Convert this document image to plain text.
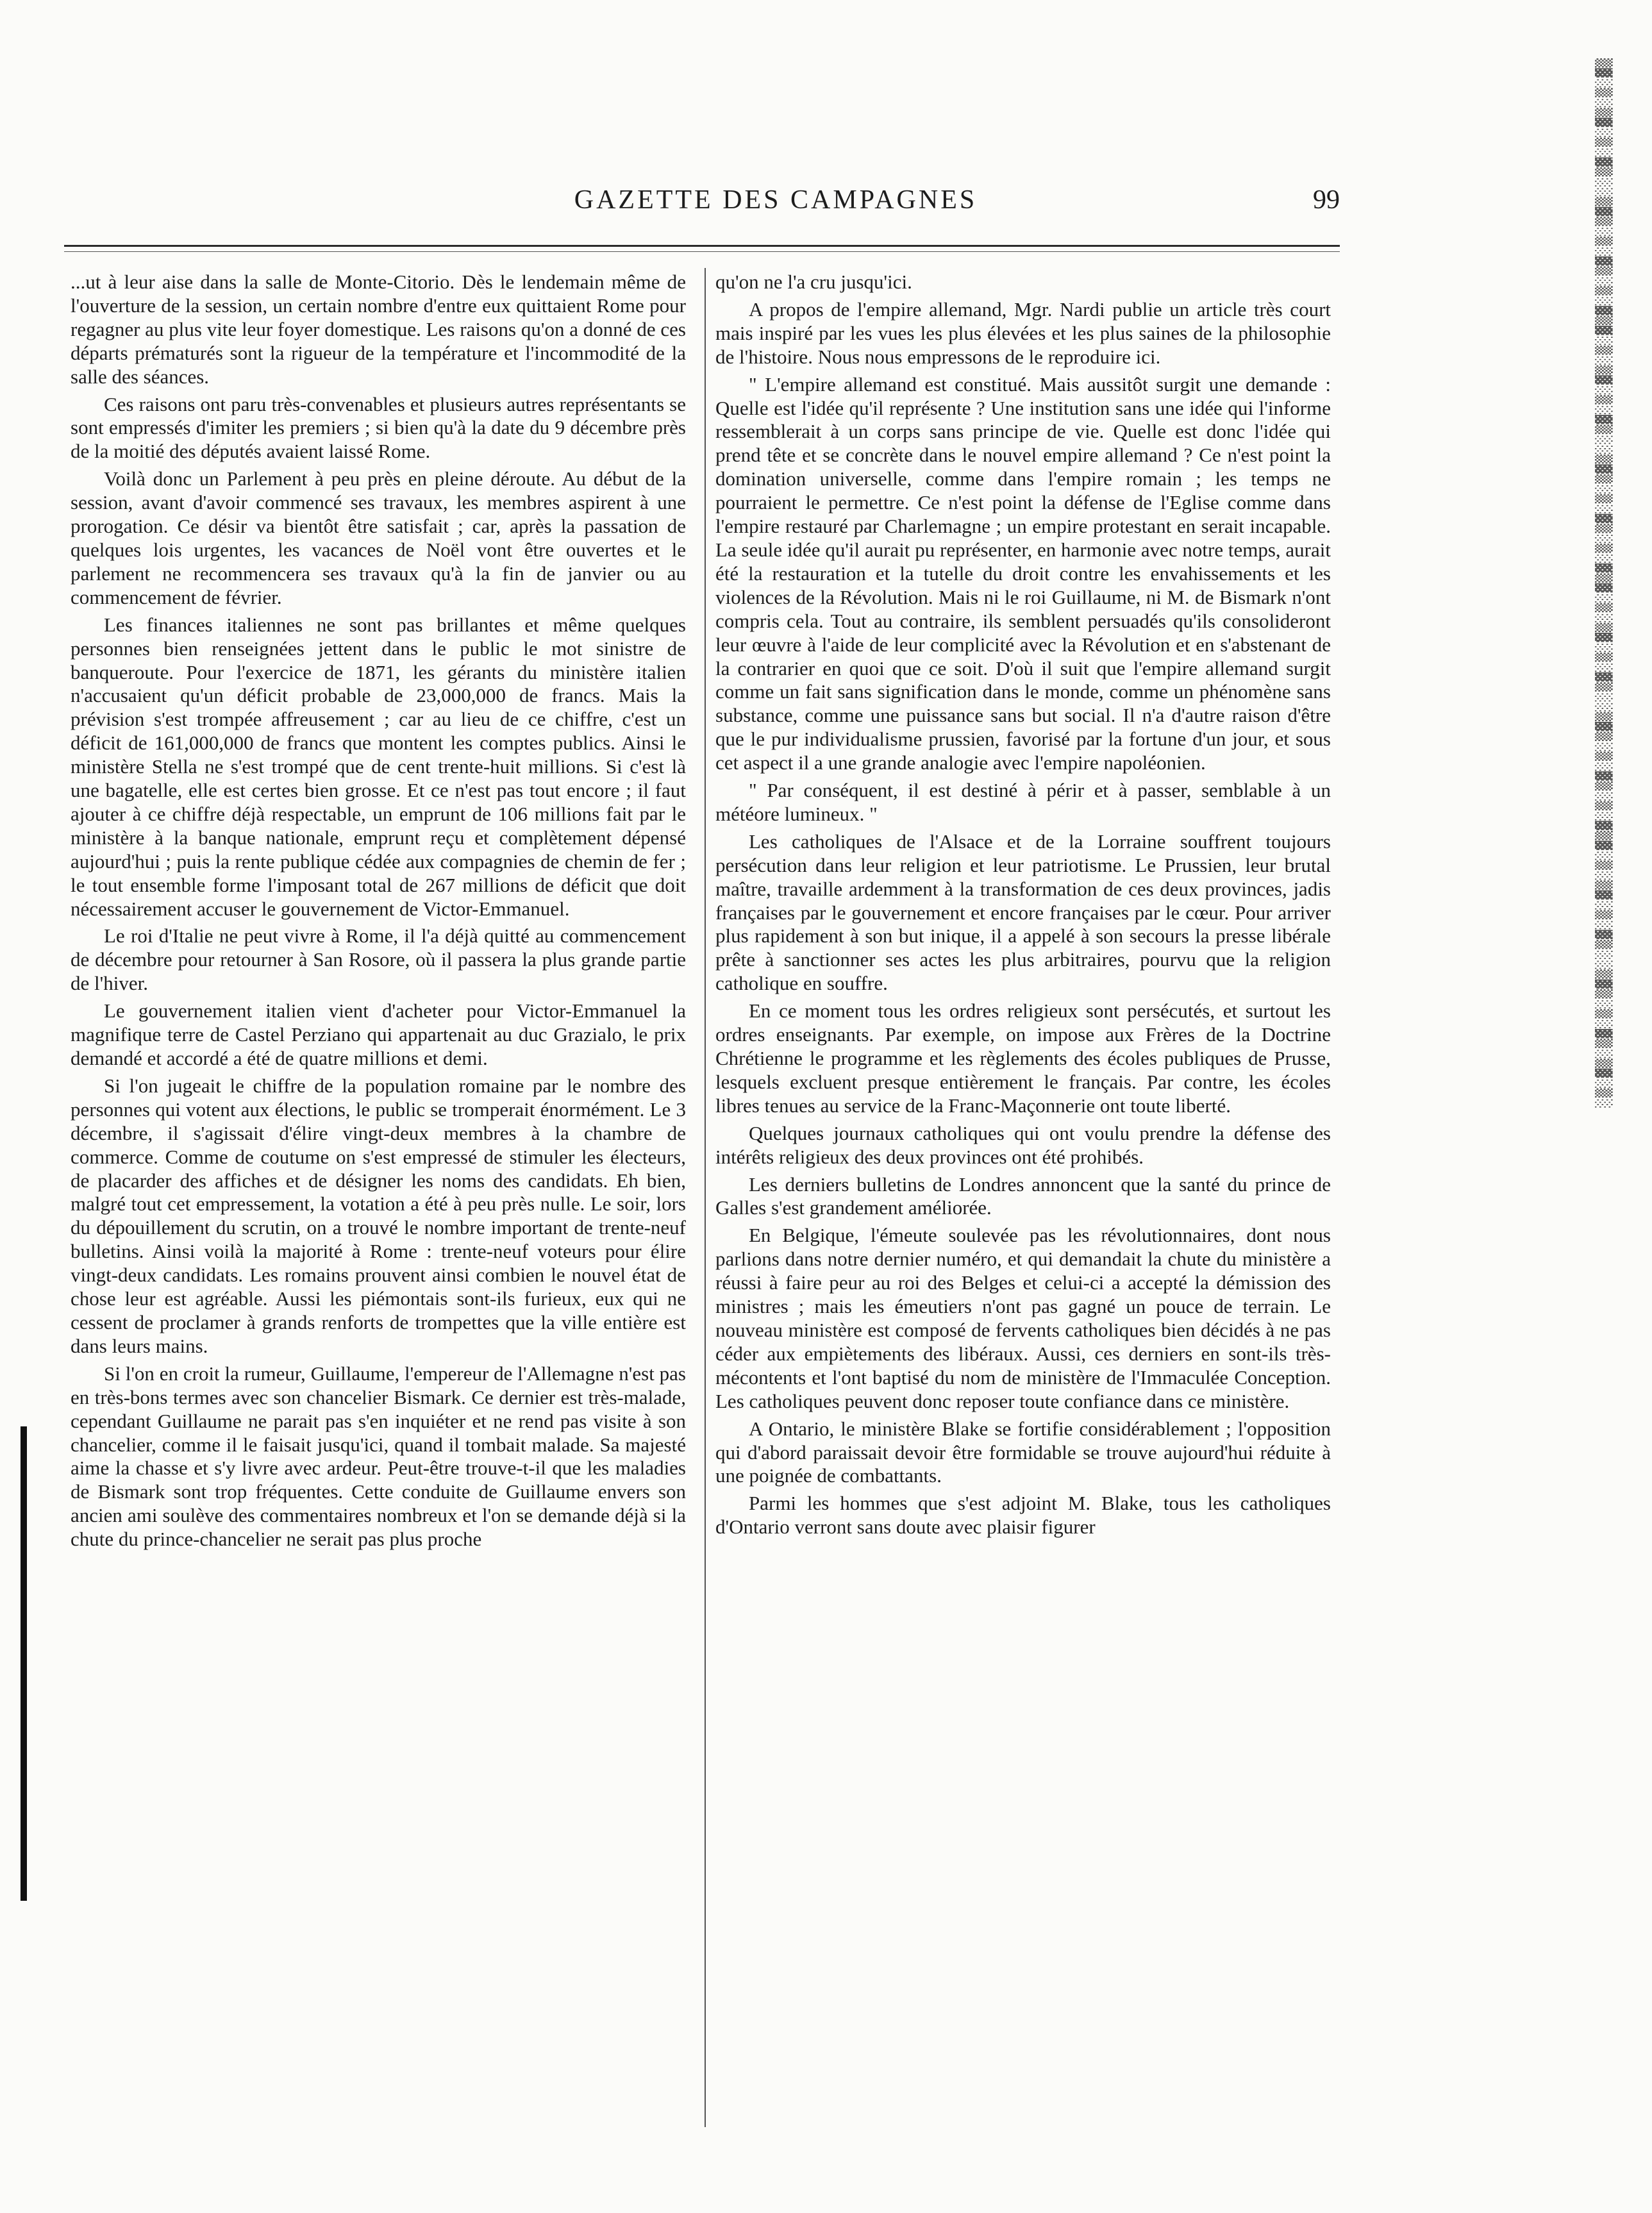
GAZETTE DES CAMPAGNES	99

...ut à leur aise dans la salle de Monte-Citorio. Dès le lendemain même de l'ouverture de la session, un certain nombre d'entre eux quittaient Rome pour regagner au plus vite leur foyer domestique. Les raisons qu'on a donné de ces départs prématurés sont la rigueur de la température et l'incommodité de la salle des séances.

Ces raisons ont paru très-convenables et plusieurs autres représentants se sont empressés d'imiter les premiers ; si bien qu'à la date du 9 décembre près de la moitié des députés avaient laissé Rome.

Voilà donc un Parlement à peu près en pleine déroute. Au début de la session, avant d'avoir commencé ses travaux, les membres aspirent à une prorogation. Ce désir va bientôt être satisfait ; car, après la passation de quelques lois urgentes, les vacances de Noël vont être ouvertes et le parlement ne recommencera ses travaux qu'à la fin de janvier ou au commencement de février.

Les finances italiennes ne sont pas brillantes et même quelques personnes bien renseignées jettent dans le public le mot sinistre de banqueroute. Pour l'exercice de 1871, les gérants du ministère italien n'accusaient qu'un déficit probable de 23,000,000 de francs. Mais la prévision s'est trompée affreusement ; car au lieu de ce chiffre, c'est un déficit de 161,000,000 de francs que montent les comptes publics. Ainsi le ministère Stella ne s'est trompé que de cent trente-huit millions. Si c'est là une bagatelle, elle est certes bien grosse. Et ce n'est pas tout encore ; il faut ajouter à ce chiffre déjà respectable, un emprunt de 106 millions fait par le ministère à la banque nationale, emprunt reçu et complètement dépensé aujourd'hui ; puis la rente publique cédée aux compagnies de chemin de fer ; le tout ensemble forme l'imposant total de 267 millions de déficit que doit nécessairement accuser le gouvernement de Victor-Emmanuel.

Le roi d'Italie ne peut vivre à Rome, il l'a déjà quitté au commencement de décembre pour retourner à San Rosore, où il passera la plus grande partie de l'hiver.

Le gouvernement italien vient d'acheter pour Victor-Emmanuel la magnifique terre de Castel Perziano qui appartenait au duc Grazialo, le prix demandé et accordé a été de quatre millions et demi.

Si l'on jugeait le chiffre de la population romaine par le nombre des personnes qui votent aux élections, le public se tromperait énormément. Le 3 décembre, il s'agissait d'élire vingt-deux membres à la chambre de commerce. Comme de coutume on s'est empressé de stimuler les électeurs, de placarder des affiches et de désigner les noms des candidats. Eh bien, malgré tout cet empressement, la votation a été à peu près nulle. Le soir, lors du dépouillement du scrutin, on a trouvé le nombre important de trente-neuf bulletins. Ainsi voilà la majorité à Rome : trente-neuf voteurs pour élire vingt-deux candidats. Les romains prouvent ainsi combien le nouvel état de chose leur est agréable. Aussi les piémontais sont-ils furieux, eux qui ne cessent de proclamer à grands renforts de trompettes que la ville entière est dans leurs mains.

Si l'on en croit la rumeur, Guillaume, l'empereur de l'Allemagne n'est pas en très-bons termes avec son chancelier Bismark. Ce dernier est très-malade, cependant Guillaume ne parait pas s'en inquiéter et ne rend pas visite à son chancelier, comme il le faisait jusqu'ici, quand il tombait malade. Sa majesté aime la chasse et s'y livre avec ardeur. Peut-être trouve-t-il que les maladies de Bismark sont trop fréquentes. Cette conduite de Guillaume envers son ancien ami soulève des commentaires nombreux et l'on se demande déjà si la chute du prince-chancelier ne serait pas plus proche

qu'on ne l'a cru jusqu'ici.

A propos de l'empire allemand, Mgr. Nardi publie un article très court mais inspiré par les vues les plus élevées et les plus saines de la philosophie de l'histoire. Nous nous empressons de le reproduire ici.

" L'empire allemand est constitué. Mais aussitôt surgit une demande : Quelle est l'idée qu'il représente ? Une institution sans une idée qui l'informe ressemblerait à un corps sans principe de vie. Quelle est donc l'idée qui prend tête et se concrète dans le nouvel empire allemand ? Ce n'est point la domination universelle, comme dans l'empire romain ; les temps ne pourraient le permettre. Ce n'est point la défense de l'Eglise comme dans l'empire restauré par Charlemagne ; un empire protestant en serait incapable. La seule idée qu'il aurait pu représenter, en harmonie avec notre temps, aurait été la restauration et la tutelle du droit contre les envahissements et les violences de la Révolution. Mais ni le roi Guillaume, ni M. de Bismark n'ont compris cela. Tout au contraire, ils semblent persuadés qu'ils consolideront leur œuvre à l'aide de leur complicité avec la Révolution et en s'abstenant de la contrarier en quoi que ce soit. D'où il suit que l'empire allemand surgit comme un fait sans signification dans le monde, comme un phénomène sans substance, comme une puissance sans but social. Il n'a d'autre raison d'être que le pur individualisme prussien, favorisé par la fortune d'un jour, et sous cet aspect il a une grande analogie avec l'empire napoléonien.

" Par conséquent, il est destiné à périr et à passer, semblable à un météore lumineux. "

Les catholiques de l'Alsace et de la Lorraine souffrent toujours persécution dans leur religion et leur patriotisme. Le Prussien, leur brutal maître, travaille ardemment à la transformation de ces deux provinces, jadis françaises par le gouvernement et encore françaises par le cœur. Pour arriver plus rapidement à son but inique, il a appelé à son secours la presse libérale prête à sanctionner ses actes les plus arbitraires, pourvu que la religion catholique en souffre.

En ce moment tous les ordres religieux sont persécutés, et surtout les ordres enseignants. Par exemple, on impose aux Frères de la Doctrine Chrétienne le programme et les règlements des écoles publiques de Prusse, lesquels excluent presque entièrement le français. Par contre, les écoles libres tenues au service de la Franc-Maçonnerie ont toute liberté.

Quelques journaux catholiques qui ont voulu prendre la défense des intérêts religieux des deux provinces ont été prohibés.

Les derniers bulletins de Londres annoncent que la santé du prince de Galles s'est grandement améliorée.

En Belgique, l'émeute soulevée pas les révolutionnaires, dont nous parlions dans notre dernier numéro, et qui demandait la chute du ministère a réussi à faire peur au roi des Belges et celui-ci a accepté la démission des ministres ; mais les émeutiers n'ont pas gagné un pouce de terrain. Le nouveau ministère est composé de fervents catholiques bien décidés à ne pas céder aux empiètements des libéraux. Aussi, ces derniers en sont-ils très-mécontents et l'ont baptisé du nom de ministère de l'Immaculée Conception. Les catholiques peuvent donc reposer toute confiance dans ce ministère.

A Ontario, le ministère Blake se fortifie considérablement ; l'opposition qui d'abord paraissait devoir être formidable se trouve aujourd'hui réduite à une poignée de combattants.

Parmi les hommes que s'est adjoint M. Blake, tous les catholiques d'Ontario verront sans doute avec plaisir figurer

░▒░▓▒░▒▓░▒░▒▓▒░░▒▓░▒░▓▒░▒░▓▒▓░▒░▒▓░▒░▒▓▒░░▒▓░▒░▓▒░▒░▓▒▓░▒░▒▓░▒░▒▓▒░░▒▓░▒░▓▒░▒░▓▒▓░▒░▒▓░▒░▒▓▒░░▒▓░▒░▓▒░▒░▓▒
